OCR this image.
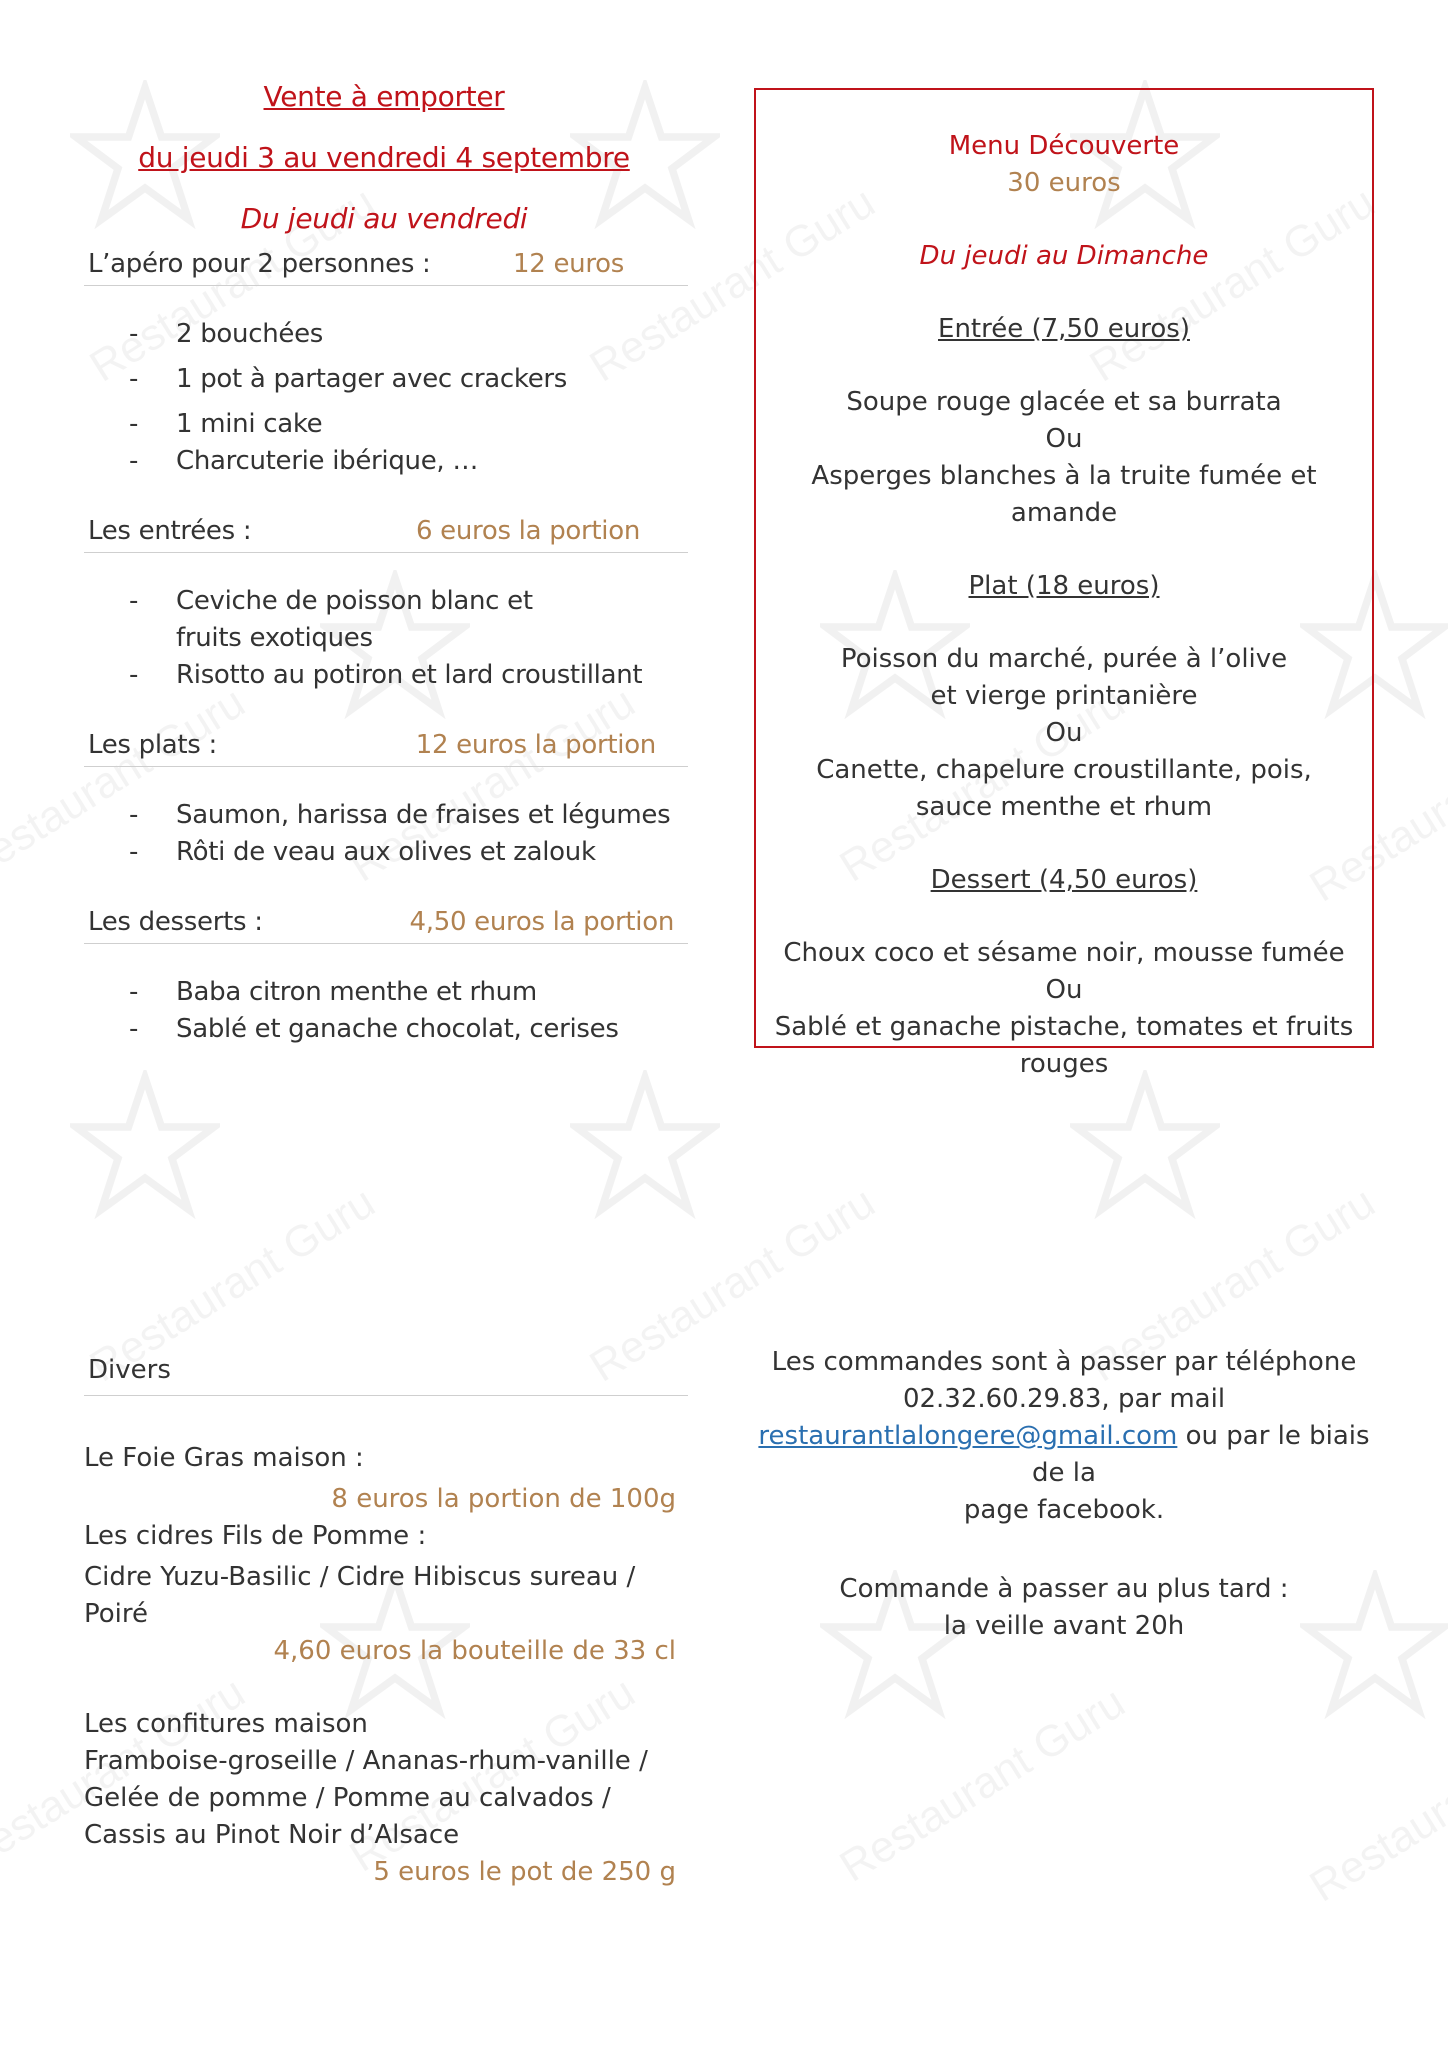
Vente à emporter
du jeudi 3 au vendredi 4 septembre
Du jeudi au vendredi
L’apéro pour 2 personnes :	12 euros
- 2 bouchées
- 1 pot à partager avec crackers
- 1 mini cake
- Charcuterie ibérique, …
Les entrées :	6 euros la portion
- Ceviche de poisson blanc et fruits exotiques
- Risotto au potiron et lard croustillant
Les plats :	12 euros la portion
- Saumon, harissa de fraises et légumes
- Rôti de veau aux olives et zalouk
Les desserts :	4,50 euros la portion
- Baba citron menthe et rhum
- Sablé et ganache chocolat, cerises

Menu Découverte

30 euros

Du jeudi au Dimanche

Entrée (7,50 euros)

Soupe rouge glacée et sa burrata

Ou

Asperges blanches à la truite fumée et amande

Plat (18 euros)

Poisson du marché, purée à l’olive

et vierge printanière

Ou

Canette, chapelure croustillante, pois,

sauce menthe et rhum

Dessert (4,50 euros)

Choux coco et sésame noir, mousse fumée

Ou

Sablé et ganache pistache, tomates et fruits rouges

Divers

Le Foie Gras maison :

8 euros la portion de 100g

Les cidres Fils de Pomme :

Cidre Yuzu-Basilic / Cidre Hibiscus sureau / Poiré

4,60 euros la bouteille de 33 cl

Les confitures maison

Framboise-groseille / Ananas-rhum-vanille /

Gelée de pomme / Pomme au calvados /

Cassis au Pinot Noir d’Alsace

5 euros le pot de 250 g

Les commandes sont à passer par téléphone

02.32.60.29.83, par mail

restaurantlalongere@gmail.com ou par le biais de la

page facebook.

Commande à passer au plus tard :

la veille avant 20h
